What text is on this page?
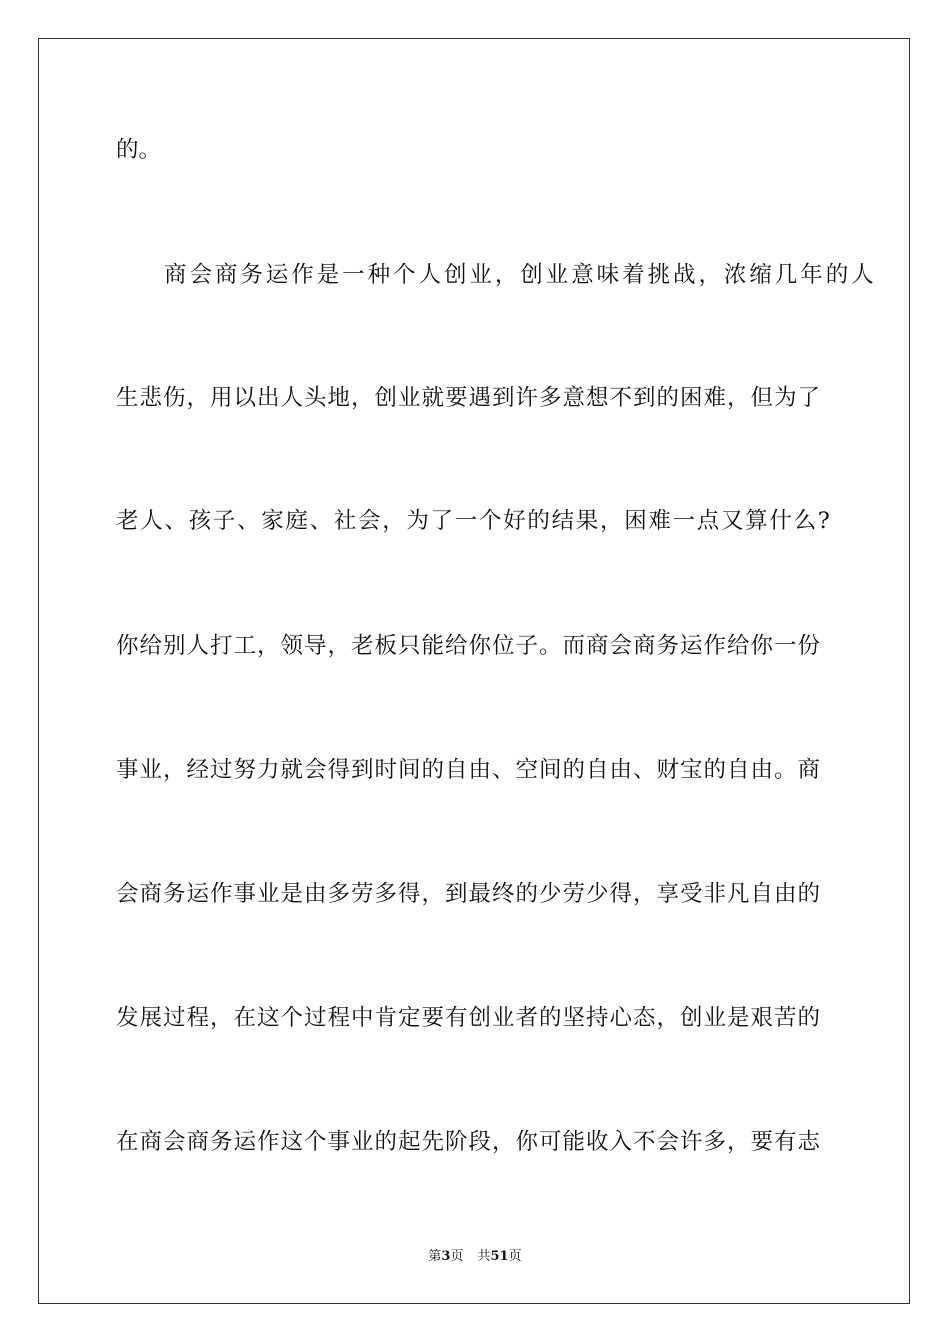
的。
商会商务运作是一种个人创业，创业意味着挑战，浓缩几年的人
生悲伤，用以出人头地，创业就要遇到许多意想不到的困难，但为了
老人、孩子、家庭、社会，为了一个好的结果，困难一点又算什么?
你给别人打工，领导，老板只能给你位子。而商会商务运作给你一份
事业，经过努力就会得到时间的自由、空间的自由、财宝的自由。商
会商务运作事业是由多劳多得，到最终的少劳少得，享受非凡自由的
发展过程，在这个过程中肯定要有创业者的坚持心态，创业是艰苦的
在商会商务运作这个事业的起先阶段，你可能收入不会许多，要有志
第3页 共51页
